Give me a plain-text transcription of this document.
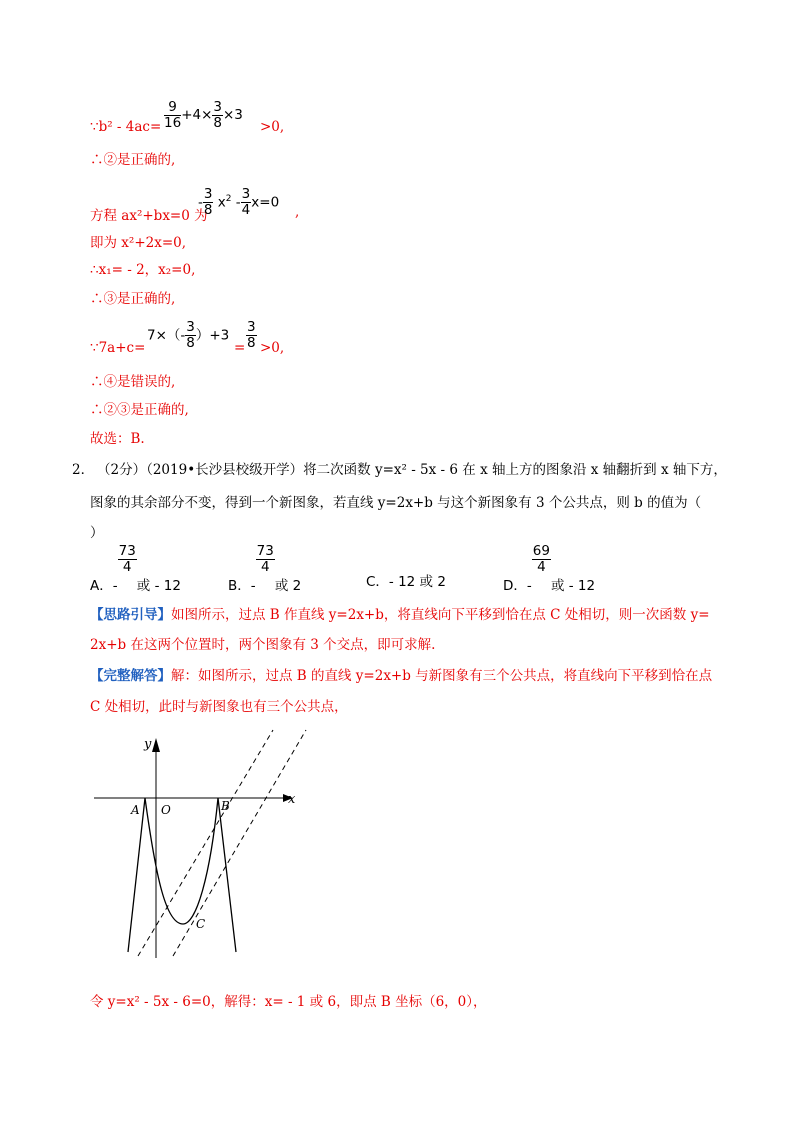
∵b² - $4ac= \frac{9}{16} +4\times \frac{3}{8} \times 3$
>0,
∴②是正确的,
方程 ax²+bx=0 为
- $\frac{3}{8} x^2 - \frac{3}{4} x=0$
,
即为 x²+2x=0,
∴x₁= - 2，x₂=0,
∴③是正确的,
∵7a+c=
$7\times(- \frac{3}{8} )+3$
= $\frac{3}{8} >0$,
∴④是错误的,
∴②③是正确的,
故选：B.
2． （2分）（2019•长沙县校级开学）将二次函数 y=x² - 5x - 6 在 x 轴上方的图象沿 x 轴翻折到 x 轴下方，
图象的其余部分不变，得到一个新图象，若直线 y=2x+b 与这个新图象有 3 个公共点，则 b 的值为（
）
A．-
$\frac{73}{4}$
或 - 12	B．-
$\frac{73}{4}$
或 2	C．- 12 或 2	D．-
$\frac{69}{4}$
或 - 12
【思路引导】如图所示，过点 B 作直线 y=2x+b，将直线向下平移到恰在点 C 处相切，则一次函数 y=
2x+b 在这两个位置时，两个图象有 3 个交点，即可求解.
【完整解答】解：如图所示，过点 B 的直线 y=2x+b 与新图象有三个公共点，将直线向下平移到恰在点
C 处相切，此时与新图象也有三个公共点，
y
x
O
A	B
C
令 y=x² - 5x - 6=0，解得：x= - 1 或 6，即点 B 坐标（6，0），
